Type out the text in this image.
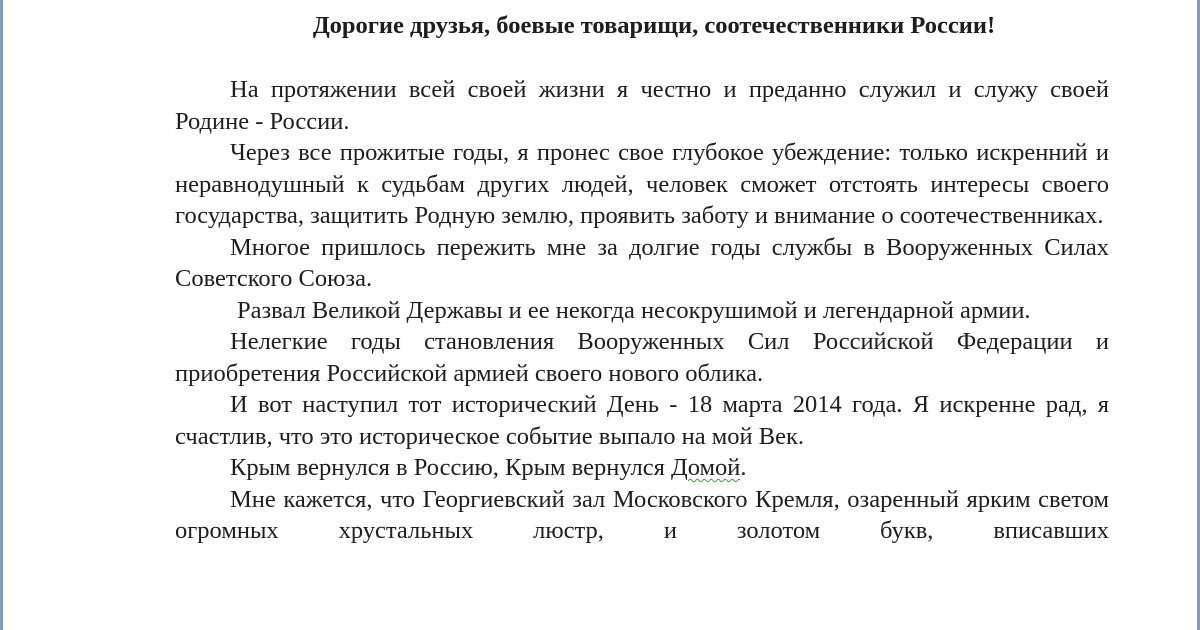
Дорогие друзья, боевые товарищи, соотечественники России!

На протяжении всей своей жизни я честно и преданно служил и служу своей Родине - России.

Через все прожитые годы, я пронес свое глубокое убеждение: только искренний и неравнодушный к судьбам других людей, человек сможет отстоять интересы своего государства, защитить Родную землю, проявить заботу и внимание о соотечественниках.

Многое пришлось пережить мне за долгие годы службы в Вооруженных Силах Советского Союза.

Развал Великой Державы и ее некогда несокрушимой и легендарной армии.

Нелегкие годы становления Вооруженных Сил Российской Федерации и приобретения Российской армией своего нового облика.

И вот наступил тот исторический День - 18 марта 2014 года. Я искренне рад, я счастлив, что это историческое событие выпало на мой Век.

Крым вернулся в Россию, Крым вернулся Домой.

Мне кажется, что Георгиевский зал Московского Кремля, озаренный ярким светом огромных хрустальных люстр, и золотом букв, вписавших
